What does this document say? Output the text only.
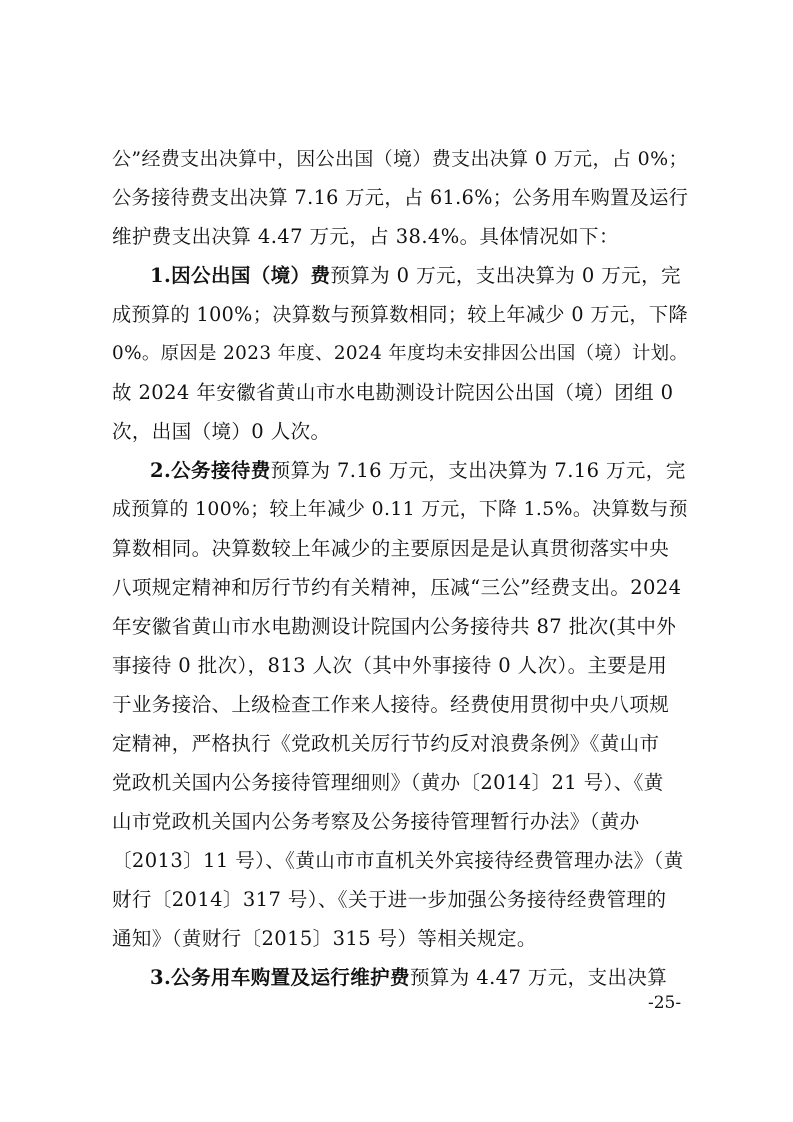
公”经费支出决算中，因公出国（境）费支出决算 0 万元，占 0%；
公务接待费支出决算 7.16 万元，占 61.6%；公务用车购置及运行
维护费支出决算 4.47 万元，占 38.4%。具体情况如下：
1.因公出国（境）费预算为 0 万元，支出决算为 0 万元，完
成预算的 100%；决算数与预算数相同；较上年减少 0 万元，下降
0%。原因是 2023 年度、2024 年度均未安排因公出国（境）计划。
故 2024 年安徽省黄山市水电勘测设计院因公出国（境）团组 0
次，出国（境）0 人次。
2.公务接待费预算为 7.16 万元，支出决算为 7.16 万元，完
成预算的 100%；较上年减少 0.11 万元，下降 1.5%。决算数与预
算数相同。决算数较上年减少的主要原因是是认真贯彻落实中央
八项规定精神和厉行节约有关精神，压减“三公”经费支出。2024
年安徽省黄山市水电勘测设计院国内公务接待共 87 批次(其中外
事接待 0 批次），813 人次（其中外事接待 0 人次）。主要是用
于业务接洽、上级检查工作来人接待。经费使用贯彻中央八项规
定精神，严格执行《党政机关厉行节约反对浪费条例》《黄山市
党政机关国内公务接待管理细则》（黄办〔2014〕21 号）、《黄
山市党政机关国内公务考察及公务接待管理暂行办法》（黄办
〔2013〕11 号）、《黄山市市直机关外宾接待经费管理办法》（黄
财行〔2014〕317 号）、《关于进一步加强公务接待经费管理的
通知》（黄财行〔2015〕315 号）等相关规定。
3.公务用车购置及运行维护费预算为 4.47 万元，支出决算
-25-
